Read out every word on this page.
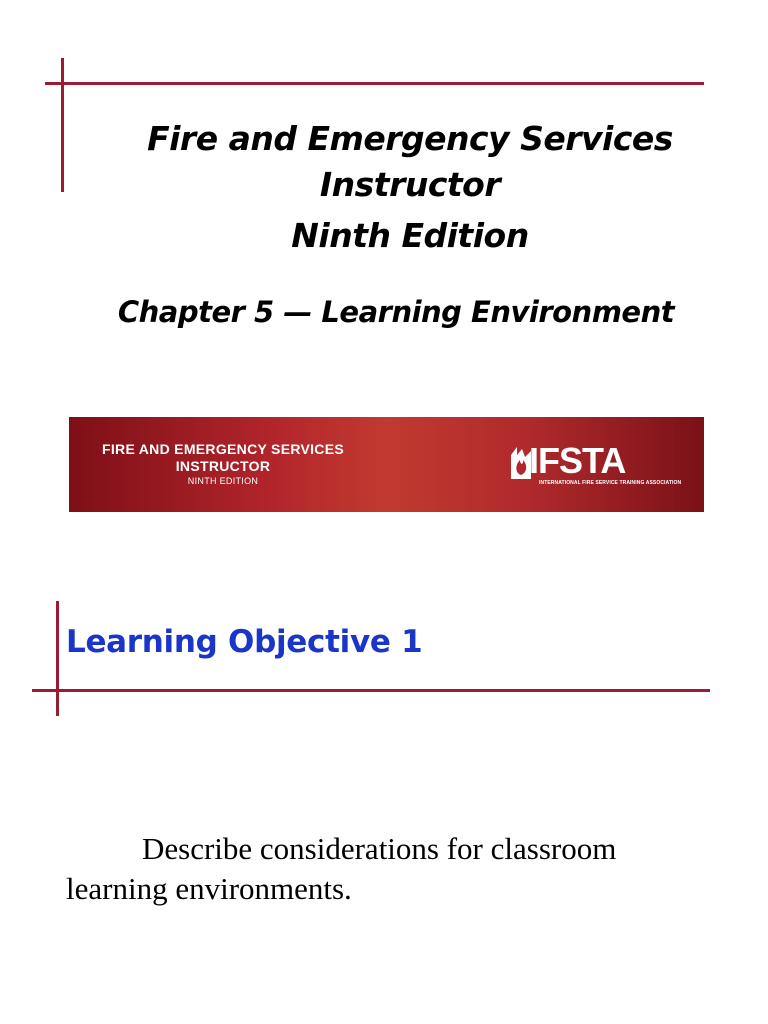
Fire and Emergency Services
Instructor
Ninth Edition
Chapter 5 — Learning Environment
FIRE AND EMERGENCY SERVICES
INSTRUCTOR
NINTH EDITION	IFSTA
INTERNATIONAL FIRE SERVICE TRAINING ASSOCIATION
Learning Objective 1
Describe considerations for classroom learning environments.
